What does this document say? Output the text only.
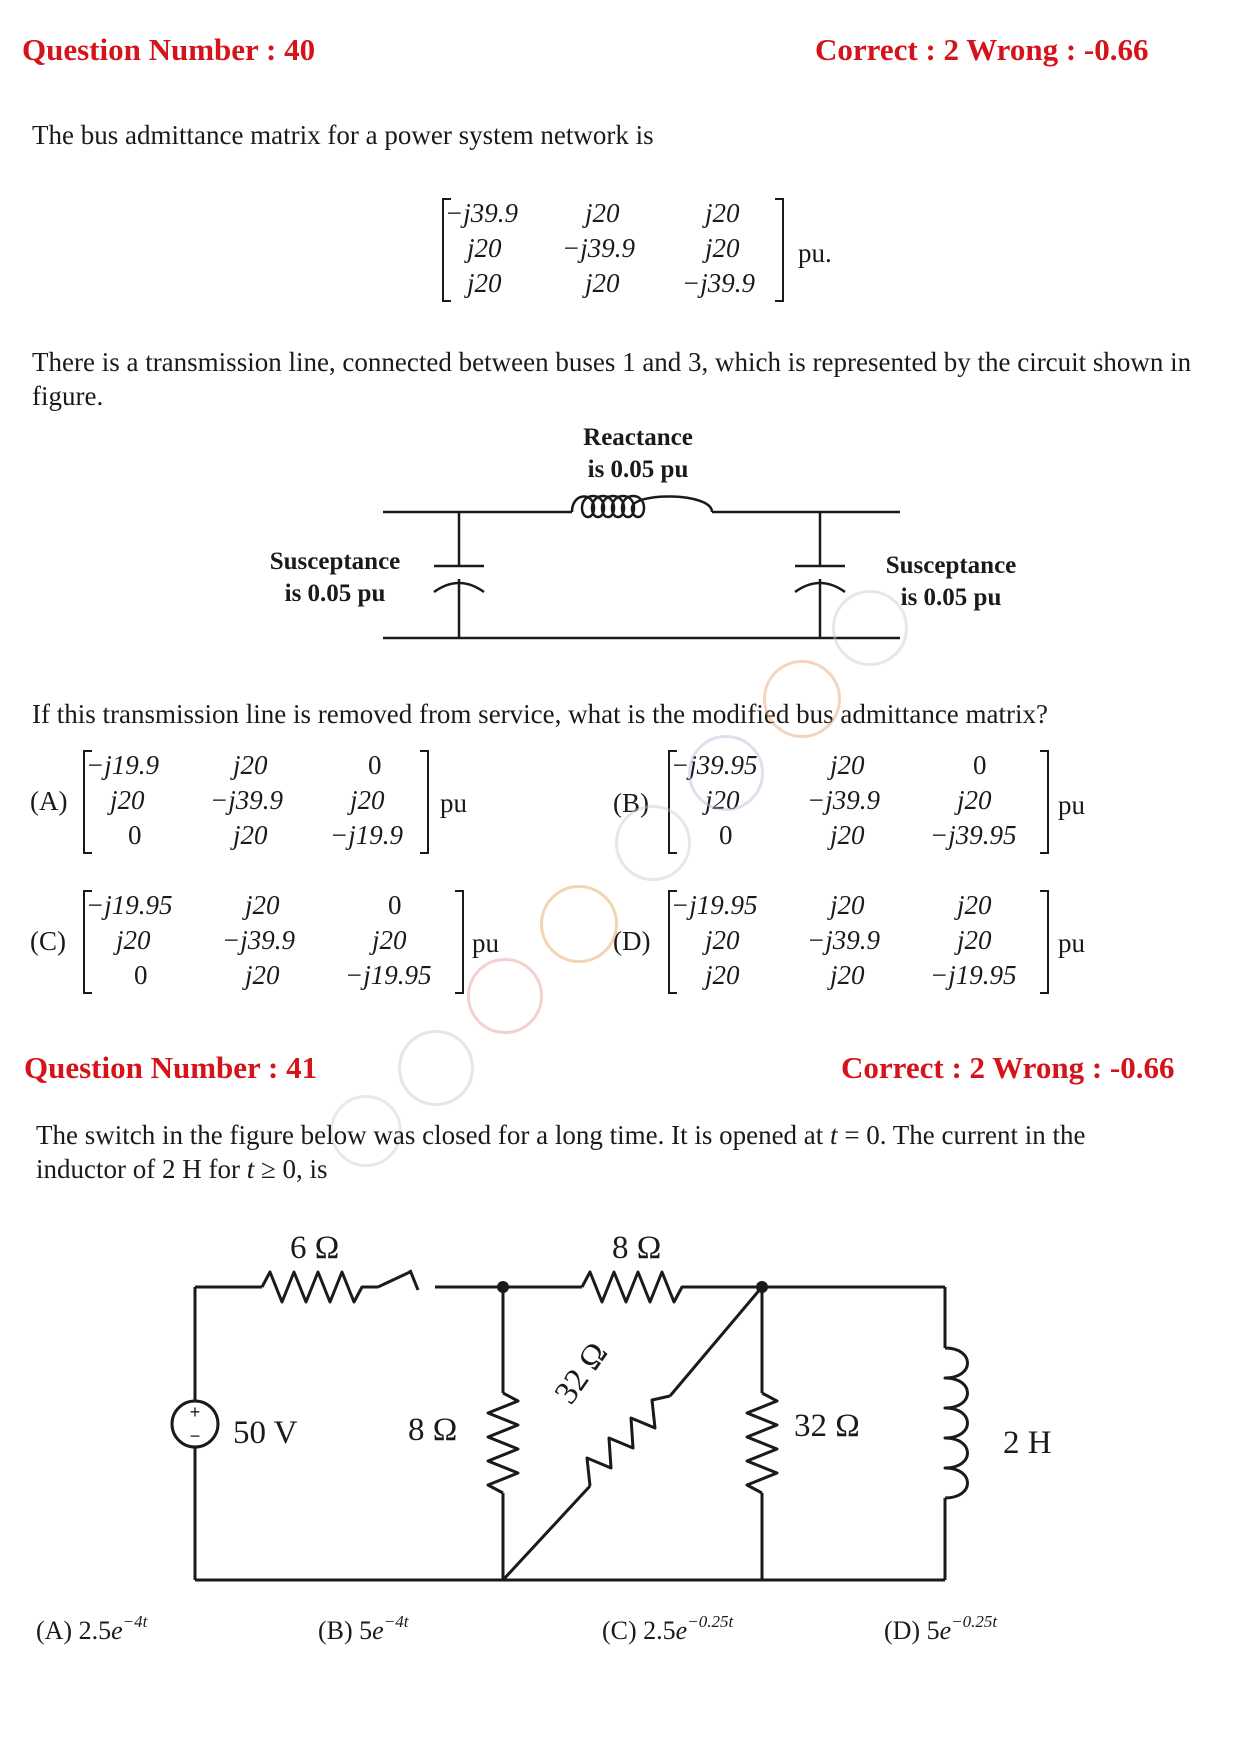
Question Number : 40	Correct : 2 Wrong : -0.66
The bus admittance matrix for a power system network is
−j39.9 j20	j20
j20 −j39.9	j20
j20	j20 −j39.9
pu.
There is a transmission line, connected between buses 1 and 3, which is represented by the circuit shown in figure.
Reactance
is 0.05 pu
Susceptance
is 0.05 pu
Susceptance
is 0.05 pu
If this transmission line is removed from service, what is the modified bus admittance matrix?
(A)
−j19.9	j20	0
j20 −j39.9 j20
0	j20 −j19.9
pu	(B)
−j39.95	j20	0
j20 −j39.9	j20
0	j20 −j39.95
pu
(C)
−j19.95	j20	0
j20	−j39.9	j20
0	j20 −j19.95
pu	(D)
−j19.95	j20	j20
j20 −j39.9	j20
j20	j20 −j19.95
pu
Question Number : 41	Correct : 2 Wrong : -0.66
The switch in the figure below was closed for a long time. It is opened at t = 0. The current in the
inductor of 2 H for t ≥ 0, is
+
−
6 Ω	8 Ω
50 V	8 Ω
32 Ω
32 Ω	2 H
(A) $2.5e^{-4t}$	(B) $5e^{-4t}$	(C) $2.5e^{-0.25t}$	(D) $5e^{-0.25t}$
